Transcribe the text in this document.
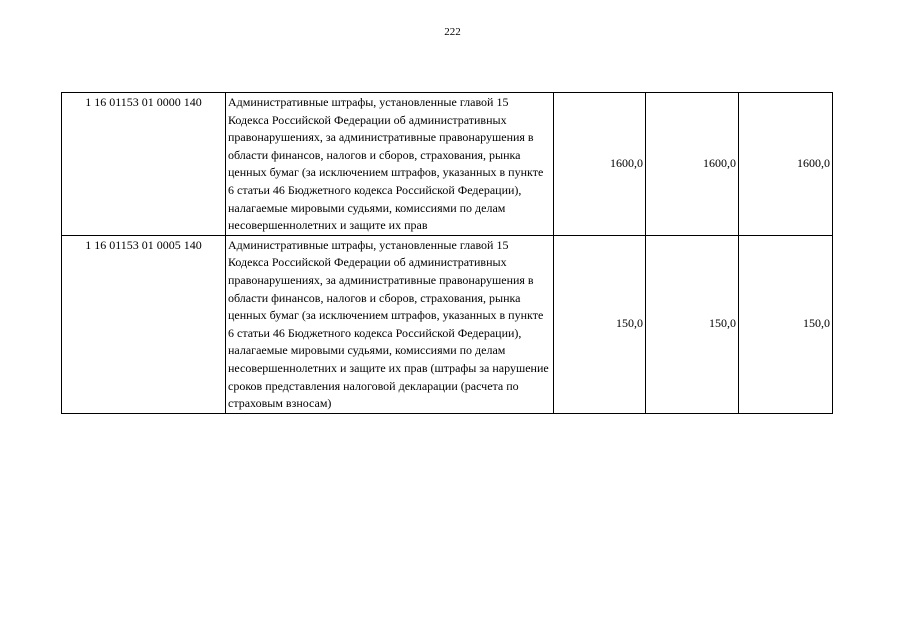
222
1 16 01153 01 0000 140	Административные штрафы, установленные главой 15 Кодекса Российской Федерации об административных правонарушениях, за административные правонарушения в области финансов, налогов и сборов, страхования, рынка ценных бумаг (за исключением штрафов, указанных в пункте 6 статьи 46 Бюджетного кодекса Российской Федерации), налагаемые мировыми судьями, комиссиями по делам несовершеннолетних и защите их прав	1600,0	1600,0	1600,0
1 16 01153 01 0005 140	Административные штрафы, установленные главой 15 Кодекса Российской Федерации об административных правонарушениях, за административные правонарушения в области финансов, налогов и сборов, страхования, рынка ценных бумаг (за исключением штрафов, указанных в пункте 6 статьи 46 Бюджетного кодекса Российской Федерации), налагаемые мировыми судьями, комиссиями по делам несовершеннолетних и защите их прав (штрафы за нарушение сроков представления налоговой декларации (расчета по страховым взносам)	150,0	150,0	150,0
